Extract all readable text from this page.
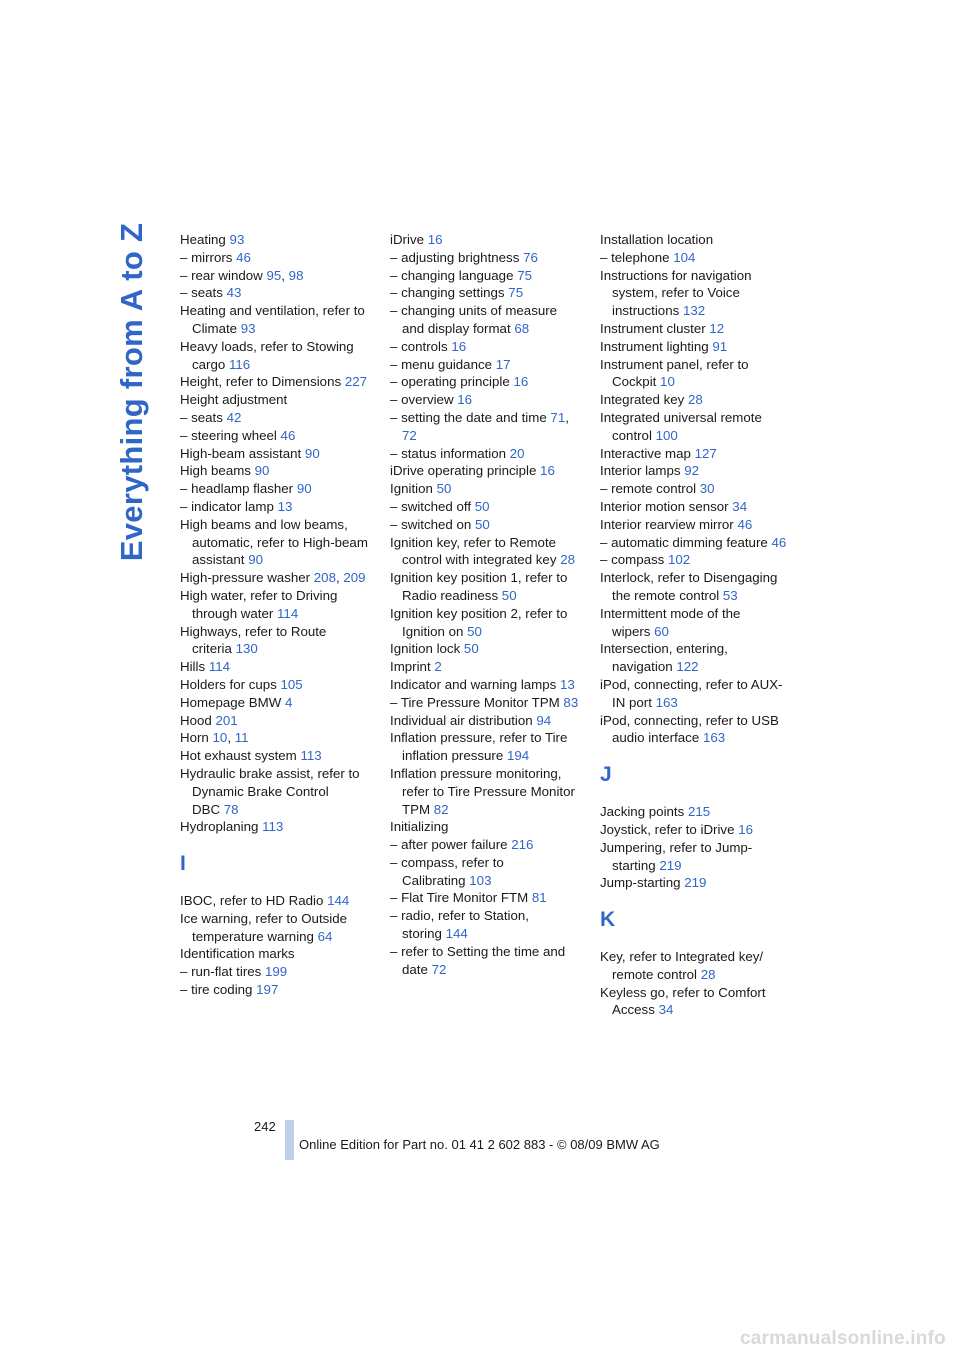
Everything from A to Z Heating 93
– mirrors 46
– rear window 95, 98
– seats 43
Heating and ventilation, refer to Climate 93
Heavy loads, refer to Stowing cargo 116
Height, refer to Dimensions 227
Height adjustment
– seats 42
– steering wheel 46
High-beam assistant 90
High beams 90
– headlamp flasher 90
– indicator lamp 13
High beams and low beams, automatic, refer to High-beam assistant 90
High-pressure washer 208, 209
High water, refer to Driving through water 114
Highways, refer to Route criteria 130
Hills 114
Holders for cups 105
Homepage BMW 4
Hood 201
Horn 10, 11
Hot exhaust system 113
Hydraulic brake assist, refer to Dynamic Brake Control DBC 78
Hydroplaning 113
I
IBOC, refer to HD Radio 144
Ice warning, refer to Outside temperature warning 64
Identification marks
– run-flat tires 199
– tire coding 197
iDrive 16
– adjusting brightness 76
– changing language 75
– changing settings 75
– changing units of measure and display format 68
– controls 16
– menu guidance 17
– operating principle 16
– overview 16
– setting the date and time 71, 72
– status information 20
iDrive operating principle 16
Ignition 50
– switched off 50
– switched on 50
Ignition key, refer to Remote control with integrated key 28
Ignition key position 1, refer to Radio readiness 50
Ignition key position 2, refer to Ignition on 50
Ignition lock 50
Imprint 2
Indicator and warning lamps 13
– Tire Pressure Monitor TPM 83
Individual air distribution 94
Inflation pressure, refer to Tire inflation pressure 194
Inflation pressure monitoring, refer to Tire Pressure Monitor TPM 82
Initializing
– after power failure 216
– compass, refer to Calibrating 103
– Flat Tire Monitor FTM 81
– radio, refer to Station, storing 144
– refer to Setting the time and date 72
Installation location
– telephone 104
Instructions for navigation system, refer to Voice instructions 132
Instrument cluster 12
Instrument lighting 91
Instrument panel, refer to Cockpit 10
Integrated key 28
Integrated universal remote control 100
Interactive map 127
Interior lamps 92
– remote control 30
Interior motion sensor 34
Interior rearview mirror 46
– automatic dimming feature 46
– compass 102
Interlock, refer to Disengaging the remote control 53
Intermittent mode of the wipers 60
Intersection, entering, navigation 122
iPod, connecting, refer to AUX-IN port 163
iPod, connecting, refer to USB audio interface 163
J
Jacking points 215
Joystick, refer to iDrive 16
Jumpering, refer to Jump-starting 219
Jump-starting 219
K
Key, refer to Integrated key/ remote control 28
Keyless go, refer to Comfort Access 34
242
Online Edition for Part no. 01 41 2 602 883 - © 08/09 BMW AG
carmanualsonline.info
